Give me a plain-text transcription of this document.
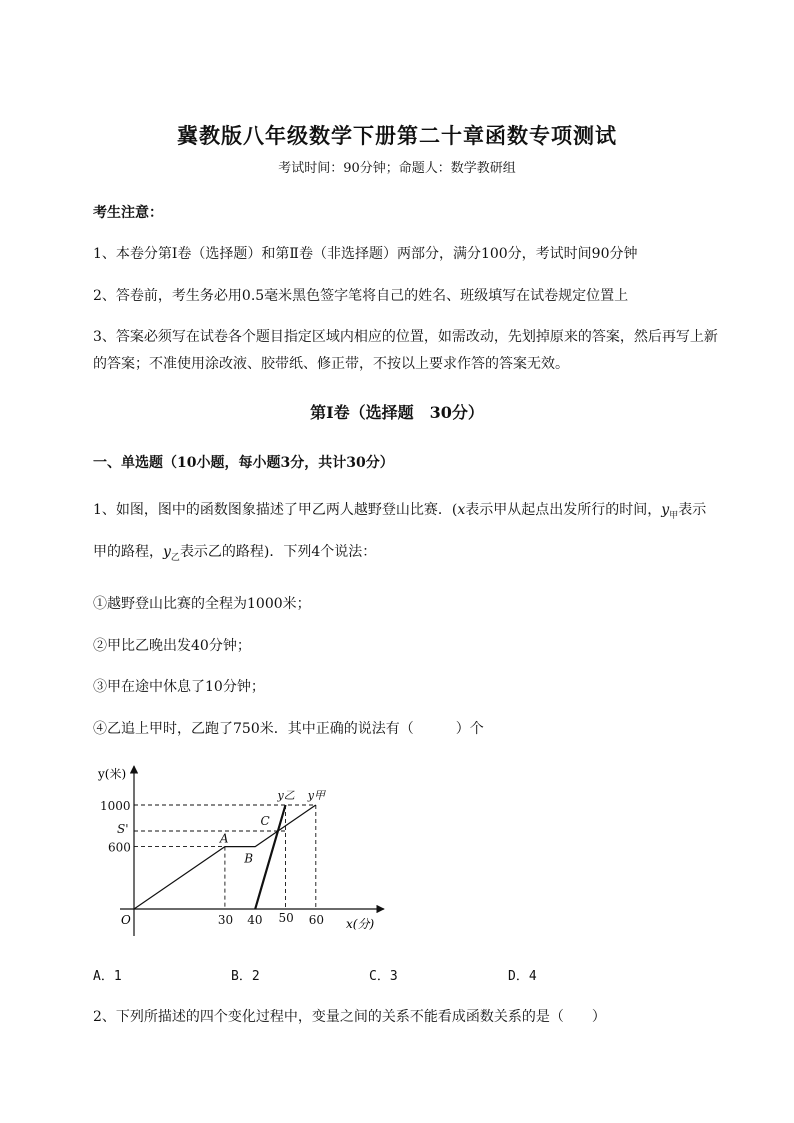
冀教版八年级数学下册第二十章函数专项测试
考试时间：90分钟；命题人：数学教研组
考生注意：
1、本卷分第I卷（选择题）和第Ⅱ卷（非选择题）两部分，满分100分，考试时间90分钟
2、答卷前，考生务必用0.5毫米黑色签字笔将自己的姓名、班级填写在试卷规定位置上
3、答案必须写在试卷各个题目指定区域内相应的位置，如需改动，先划掉原来的答案，然后再写上新
的答案；不准使用涂改液、胶带纸、修正带，不按以上要求作答的答案无效。
第I卷（选择题　30分）
一、单选题（10小题，每小题3分，共计30分）
1、如图，图中的函数图象描述了甲乙两人越野登山比赛．(x表示甲从起点出发所行的时间，$y_甲$表示
甲的路程，$y_乙$表示乙的路程)．下列4个说法：
①越野登山比赛的全程为1000米；
②甲比乙晚出发40分钟；
③甲在途中休息了10分钟；
④乙追上甲时，乙跑了750米．其中正确的说法有（　　　）个
30 40 50 60
600
S'
1000
A
B
C
y乙 y甲
y(米)
x(分)
O
A．1	B．2	C．3	D．4
2、下列所描述的四个变化过程中，变量之间的关系不能看成函数关系的是（　　）
